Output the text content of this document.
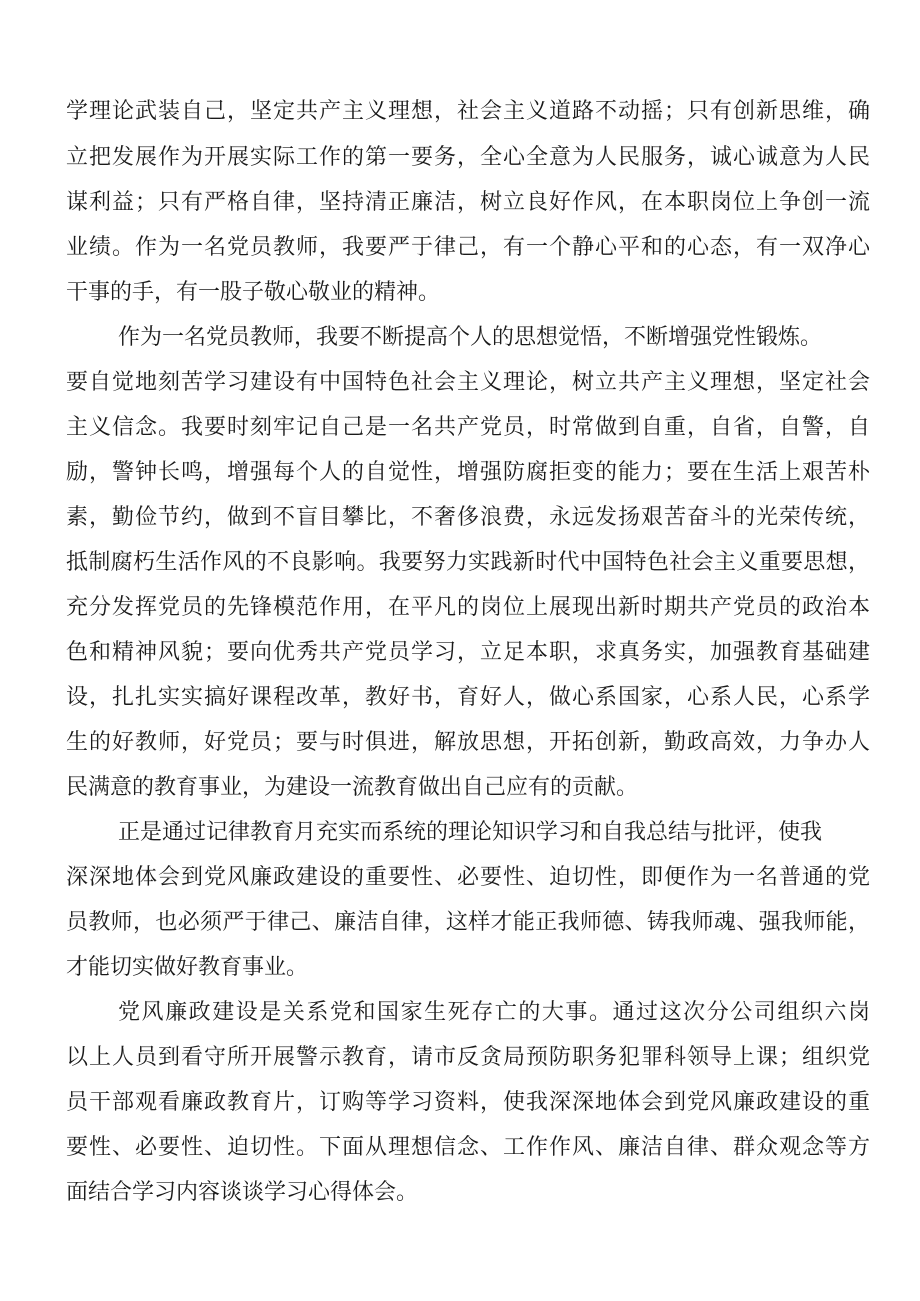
学理论武装自己，坚定共产主义理想，社会主义道路不动摇；只有创新思维，确
立把发展作为开展实际工作的第一要务，全心全意为人民服务，诚心诚意为人民
谋利益；只有严格自律，坚持清正廉洁，树立良好作风，在本职岗位上争创一流
业绩。作为一名党员教师，我要严于律己，有一个静心平和的心态，有一双净心
干事的手，有一股子敬心敬业的精神。
作为一名党员教师，我要不断提高个人的思想觉悟，不断增强党性锻炼。
要自觉地刻苦学习建设有中国特色社会主义理论，树立共产主义理想，坚定社会
主义信念。我要时刻牢记自己是一名共产党员，时常做到自重，自省，自警，自
励，警钟长鸣，增强每个人的自觉性，增强防腐拒变的能力；要在生活上艰苦朴
素，勤俭节约，做到不盲目攀比，不奢侈浪费，永远发扬艰苦奋斗的光荣传统，
抵制腐朽生活作风的不良影响。我要努力实践新时代中国特色社会主义重要思想，
充分发挥党员的先锋模范作用，在平凡的岗位上展现出新时期共产党员的政治本
色和精神风貌；要向优秀共产党员学习，立足本职，求真务实，加强教育基础建
设，扎扎实实搞好课程改革，教好书，育好人，做心系国家，心系人民，心系学
生的好教师，好党员；要与时俱进，解放思想，开拓创新，勤政高效，力争办人
民满意的教育事业，为建设一流教育做出自己应有的贡献。
正是通过记律教育月充实而系统的理论知识学习和自我总结与批评，使我
深深地体会到党风廉政建设的重要性、必要性、迫切性，即便作为一名普通的党
员教师，也必须严于律己、廉洁自律，这样才能正我师德、铸我师魂、强我师能，
才能切实做好教育事业。
党风廉政建设是关系党和国家生死存亡的大事。通过这次分公司组织六岗
以上人员到看守所开展警示教育，请市反贪局预防职务犯罪科领导上课；组织党
员干部观看廉政教育片，订购等学习资料，使我深深地体会到党风廉政建设的重
要性、必要性、迫切性。下面从理想信念、工作作风、廉洁自律、群众观念等方
面结合学习内容谈谈学习心得体会。
